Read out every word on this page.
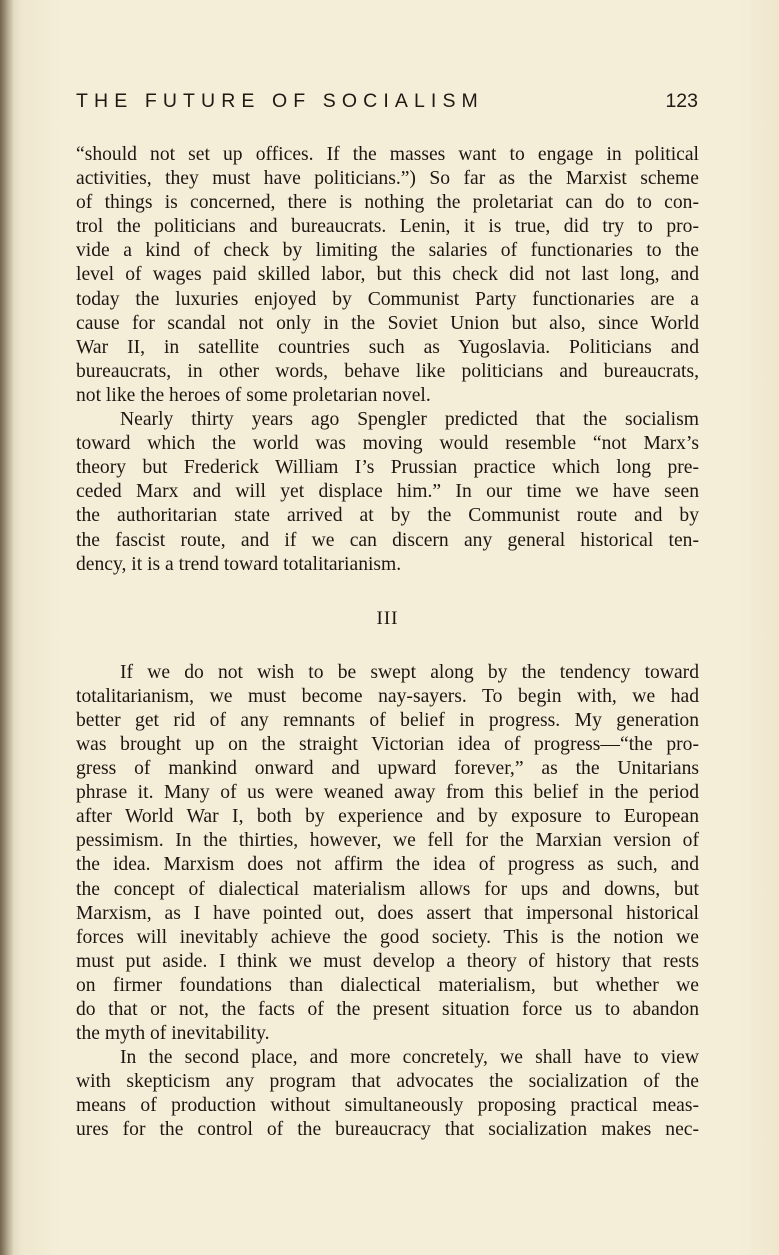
THE FUTURE OF SOCIALISM	123
“should not set up offices. If the masses want to engage in political
activities, they must have politicians.”) So far as the Marxist scheme
of things is concerned, there is nothing the proletariat can do to con-
trol the politicians and bureaucrats. Lenin, it is true, did try to pro-
vide a kind of check by limiting the salaries of functionaries to the
level of wages paid skilled labor, but this check did not last long, and
today the luxuries enjoyed by Communist Party functionaries are a
cause for scandal not only in the Soviet Union but also, since World
War II, in satellite countries such as Yugoslavia. Politicians and
bureaucrats, in other words, behave like politicians and bureaucrats,
not like the heroes of some proletarian novel.
Nearly thirty years ago Spengler predicted that the socialism
toward which the world was moving would resemble “not Marx’s
theory but Frederick William I’s Prussian practice which long pre-
ceded Marx and will yet displace him.” In our time we have seen
the authoritarian state arrived at by the Communist route and by
the fascist route, and if we can discern any general historical ten-
dency, it is a trend toward totalitarianism.
III
If we do not wish to be swept along by the tendency toward
totalitarianism, we must become nay-sayers. To begin with, we had
better get rid of any remnants of belief in progress. My generation
was brought up on the straight Victorian idea of progress—“the pro-
gress of mankind onward and upward forever,” as the Unitarians
phrase it. Many of us were weaned away from this belief in the period
after World War I, both by experience and by exposure to European
pessimism. In the thirties, however, we fell for the Marxian version of
the idea. Marxism does not affirm the idea of progress as such, and
the concept of dialectical materialism allows for ups and downs, but
Marxism, as I have pointed out, does assert that impersonal historical
forces will inevitably achieve the good society. This is the notion we
must put aside. I think we must develop a theory of history that rests
on firmer foundations than dialectical materialism, but whether we
do that or not, the facts of the present situation force us to abandon
the myth of inevitability.
In the second place, and more concretely, we shall have to view
with skepticism any program that advocates the socialization of the
means of production without simultaneously proposing practical meas-
ures for the control of the bureaucracy that socialization makes nec-
